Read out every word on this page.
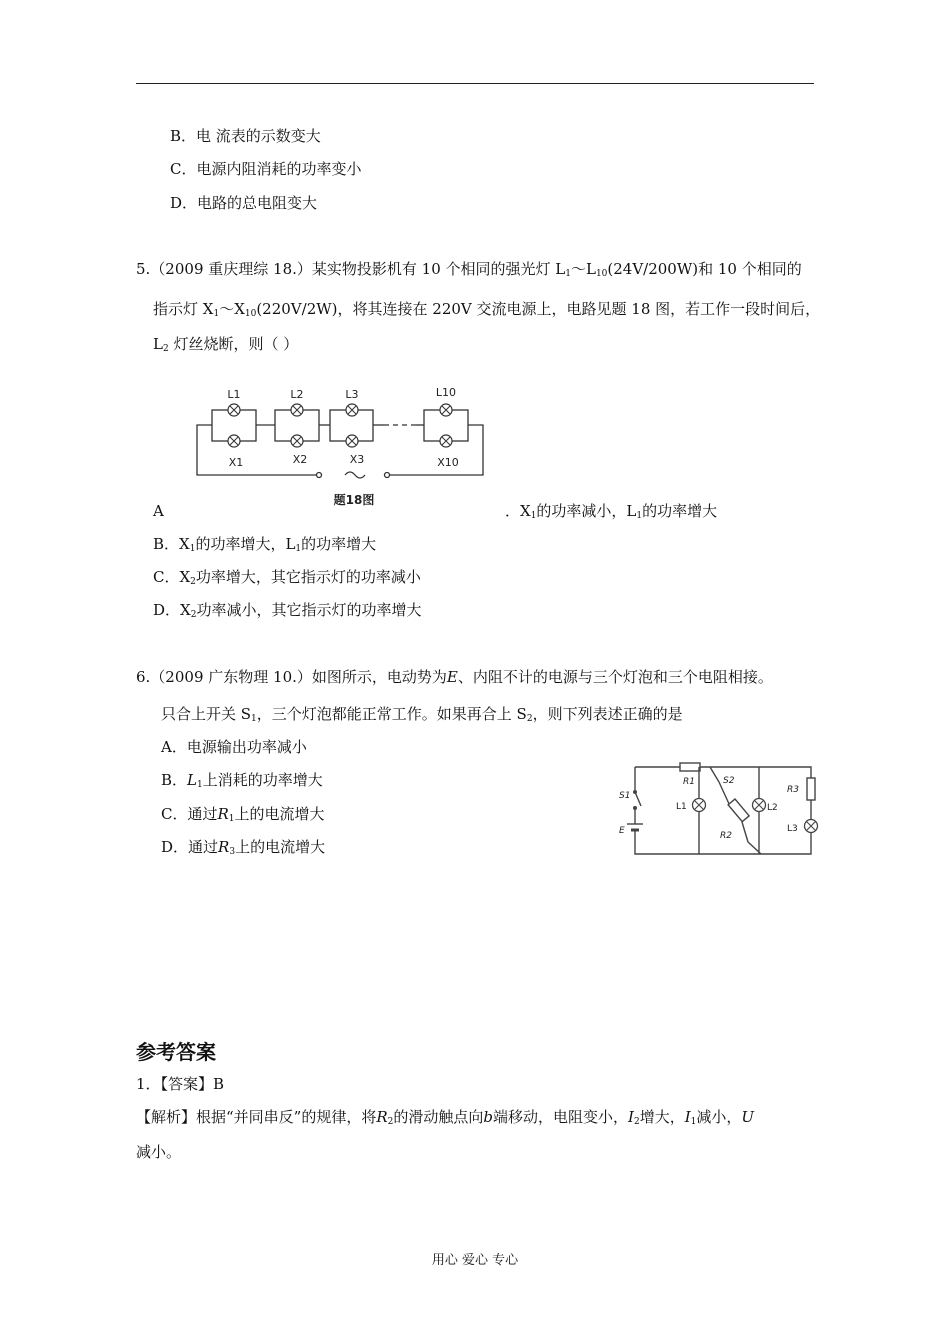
B．电 流表的示数变大
C．电源内阻消耗的功率变小
D．电路的总电阻变大
5.（2009 重庆理综 18.）某实物投影机有 10 个相同的强光灯 $L_1\sim L_{10}(24V/200W)$和 10 个相同的
指示灯 $X_1\sim X_{10}(220V/2W)$，将其连接在 220V 交流电源上，电路见题 18 图，若工作一段时间后，
$L_2$ 灯丝烧断，则（ ）
L1	L2	L3	L10
X1	X2	X3	X10
题18图
A	．$X_1$的功率减小，$L_1$的功率增大
B．$X_1$的功率增大，$L_1$的功率增大
C．$X_2$功率增大，其它指示灯的功率减小
D．$X_2$功率减小，其它指示灯的功率增大
6.（2009 广东物理 10.）如图所示，电动势为E、内阻不计的电源与三个灯泡和三个电阻相接。
只合上开关 $S_1$，三个灯泡都能正常工作。如果再合上 $S_2$，则下列表述正确的是
A．电源输出功率减小
B．$L_1$上消耗的功率增大
C．通过$R_1$上的电流增大
D．通过$R_3$上的电流增大
S1
E
R1	S2
L1
R2
L2
R3
L3
参考答案
1．【答案】B
【解析】根据“并同串反”的规律，将$R_2$的滑动触点向b端移动，电阻变小，$I_2$增大，$I_1$减小，U
减小。
用心 爱心 专心
